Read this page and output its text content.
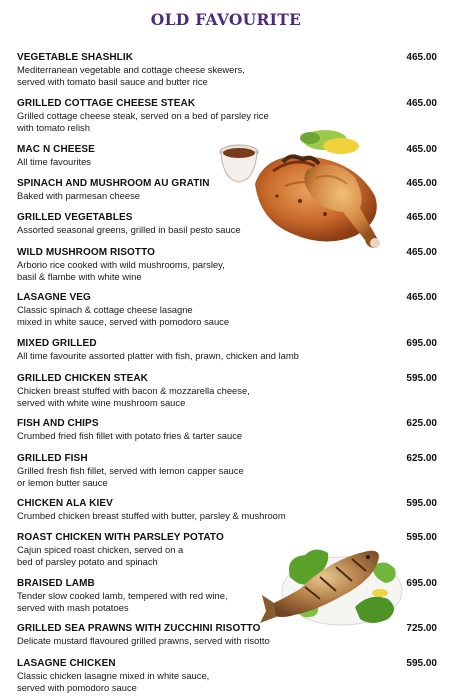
OLD FAVOURITE
VEGETABLE SHASHLIK
Mediterranean vegetable and cottage cheese skewers,
served with tomato basil sauce and butter rice
465.00
GRILLED COTTAGE CHEESE STEAK
Grilled cottage cheese steak, served on a bed of parsley rice
with tomato relish
465.00
MAC N CHEESE
All time favourites
465.00
SPINACH AND MUSHROOM AU GRATIN
Baked with parmesan cheese
465.00
GRILLED VEGETABLES
Assorted seasonal greens, grilled in basil pesto sauce
465.00
WILD MUSHROOM RISOTTO
Arborio rice cooked with wild mushrooms, parsley,
basil & flambe with white wine
465.00
LASAGNE VEG
Classic spinach & cottage cheese lasagne
mixed in white sauce, served with pomodoro sauce
465.00
MIXED GRILLED
All time favourite assorted platter with fish, prawn, chicken and lamb
695.00
GRILLED CHICKEN STEAK
Chicken breast stuffed with bacon & mozzarella cheese,
served with white wine mushroom sauce
595.00
FISH AND CHIPS
Crumbed fried fish fillet with potato fries & tarter sauce
625.00
GRILLED FISH
Grilled fresh fish fillet, served with lemon capper sauce
or lemon butter sauce
625.00
CHICKEN ALA KIEV
Crumbed chicken breast stuffed with butter, parsley & mushroom
595.00
ROAST CHICKEN WITH PARSLEY POTATO
Cajun spiced roast chicken, served on a
bed of parsley potato and spinach
595.00
BRAISED LAMB
Tender slow cooked lamb, tempered with red wine,
served with mash potatoes
695.00
GRILLED SEA PRAWNS WITH ZUCCHINI RISOTTO
Delicate mustard flavoured grilled prawns, served with risotto
725.00
LASAGNE CHICKEN
Classic chicken lasagne mixed in white sauce,
served with pomodoro sauce
595.00
